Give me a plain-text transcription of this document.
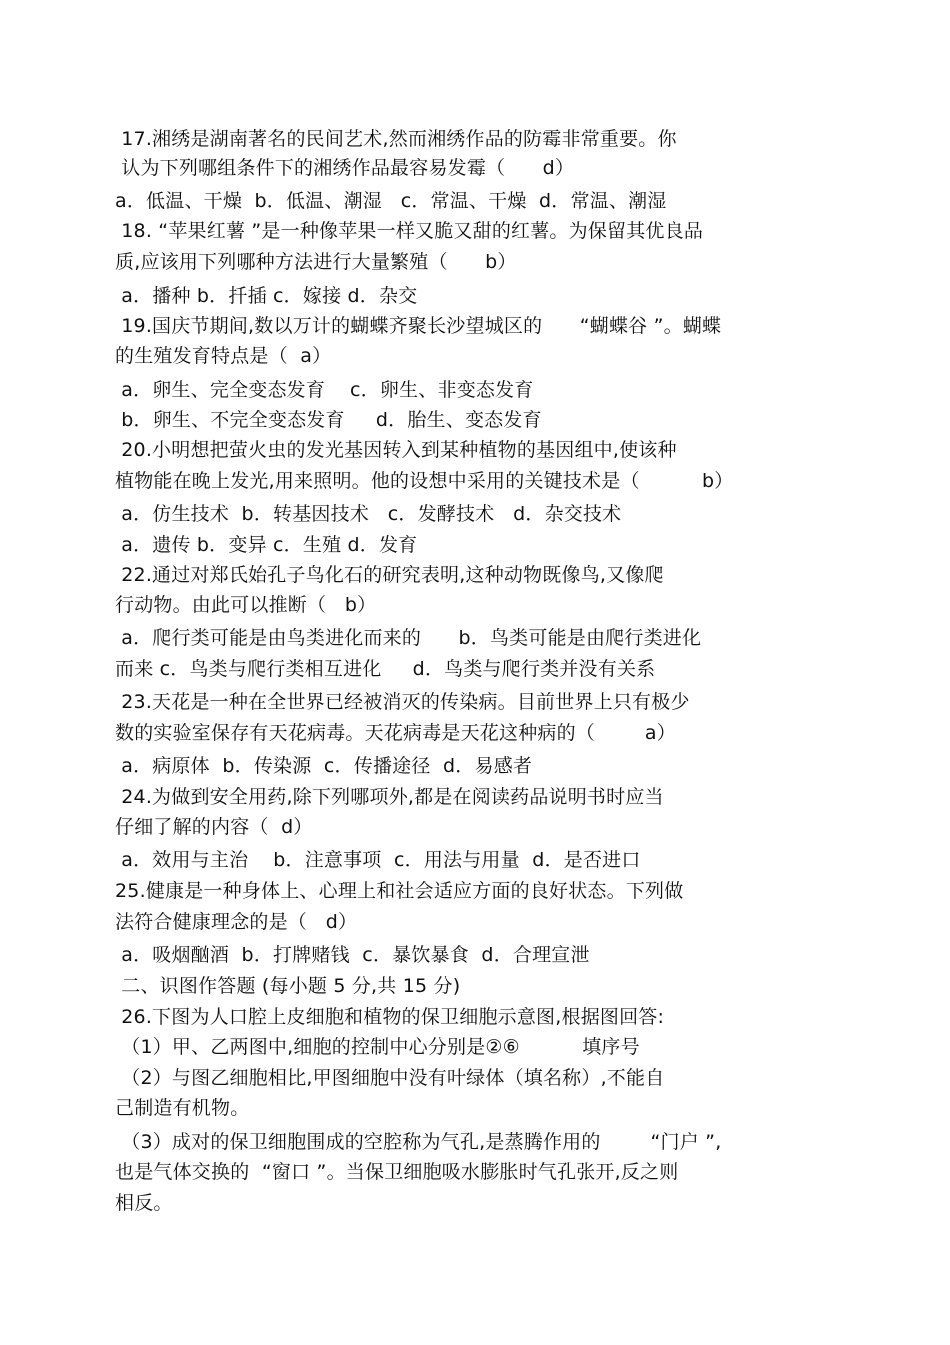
17.湘绣是湖南著名的民间艺术,然而湘绣作品的防霉非常重要。你
认为下列哪组条件下的湘绣作品最容易发霉（      d）
a．低温、干燥  b．低温、潮湿   c．常温、干燥  d．常温、潮湿
18. “苹果红薯 ”是一种像苹果一样又脆又甜的红薯。为保留其优良品
质,应该用下列哪种方法进行大量繁殖（      b）
a．播种 b．扦插 c．嫁接 d．杂交
19.国庆节期间,数以万计的蝴蝶齐聚长沙望城区的      “蝴蝶谷 ”。蝴蝶
的生殖发育特点是（  a）
a．卵生、完全变态发育    c．卵生、非变态发育
b．卵生、不完全变态发育     d．胎生、变态发育
20.小明想把萤火虫的发光基因转入到某种植物的基因组中,使该种
植物能在晚上发光,用来照明。他的设想中采用的关键技术是（          b）
a．仿生技术  b．转基因技术   c．发酵技术   d．杂交技术
a．遗传 b．变异 c．生殖 d．发育
22.通过对郑氏始孔子鸟化石的研究表明,这种动物既像鸟,又像爬
行动物。由此可以推断（   b）
a．爬行类可能是由鸟类进化而来的      b．鸟类可能是由爬行类进化
而来 c．鸟类与爬行类相互进化     d．鸟类与爬行类并没有关系
23.天花是一种在全世界已经被消灭的传染病。目前世界上只有极少
数的实验室保存有天花病毒。天花病毒是天花这种病的（        a）
a．病原体  b．传染源  c．传播途径  d．易感者
24.为做到安全用药,除下列哪项外,都是在阅读药品说明书时应当
仔细了解的内容（  d）
a．效用与主治    b．注意事项  c．用法与用量  d．是否进口
25.健康是一种身体上、心理上和社会适应方面的良好状态。下列做
法符合健康理念的是（   d）
a．吸烟酗酒  b．打牌赌钱  c．暴饮暴食  d．合理宣泄
二、识图作答题 (每小题 5 分,共 15 分)
26.下图为人口腔上皮细胞和植物的保卫细胞示意图,根据图回答:
（1）甲、乙两图中,细胞的控制中心分别是②⑥          填序号
（2）与图乙细胞相比,甲图细胞中没有叶绿体（填名称）,不能自
己制造有机物。
（3）成对的保卫细胞围成的空腔称为气孔,是蒸腾作用的        “门户 ”,
也是气体交换的  “窗口 ”。当保卫细胞吸水膨胀时气孔张开,反之则
相反。
